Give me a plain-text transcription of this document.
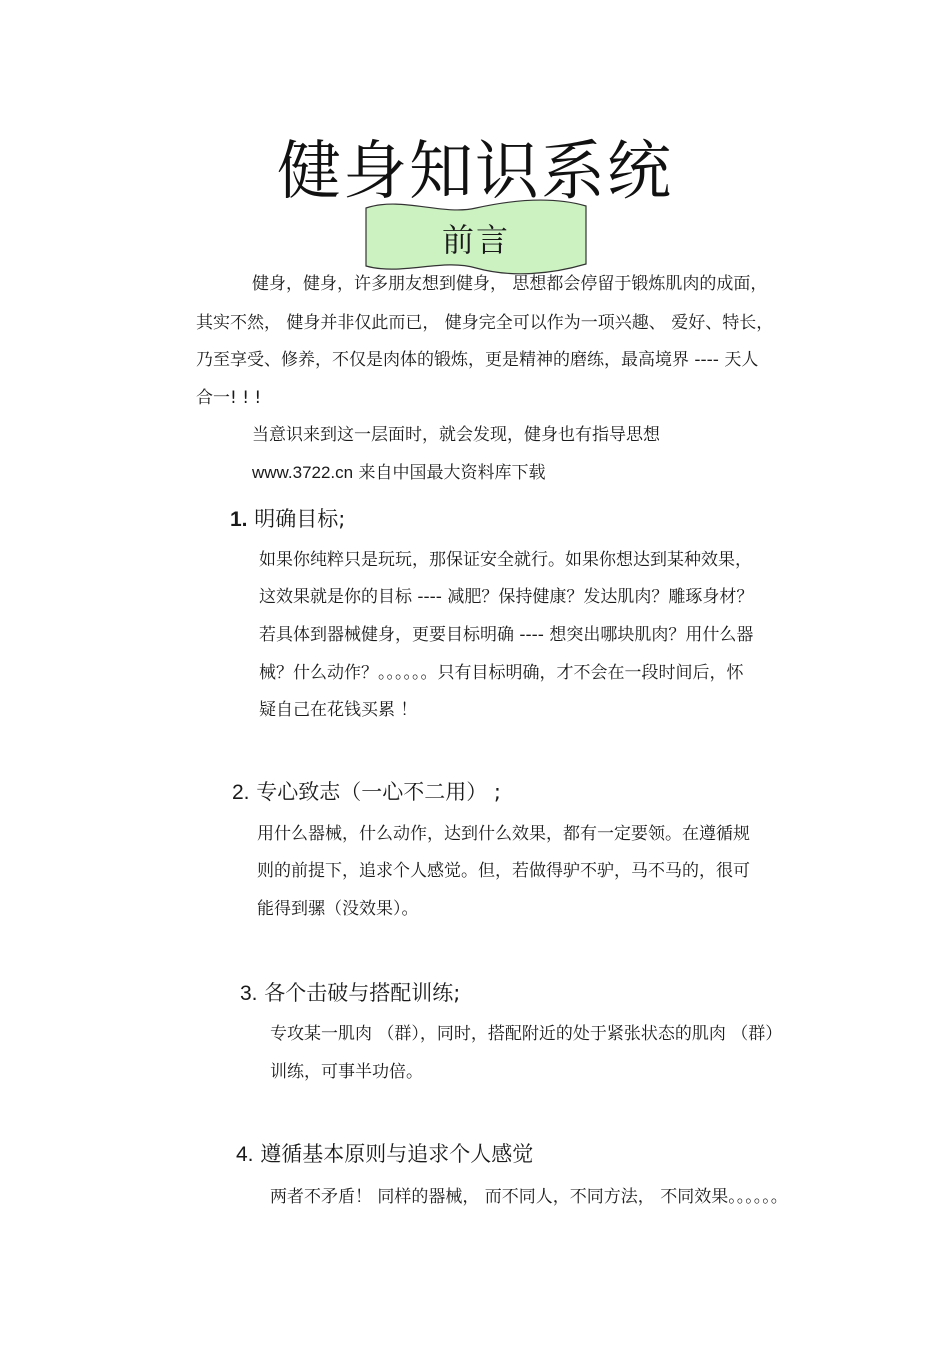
健身知识系统
前言
健身，健身，许多朋友想到健身， 思想都会停留于锻炼肌肉的成面，
其实不然， 健身并非仅此而已， 健身完全可以作为一项兴趣、 爱好、特长，
乃至享受、修养，不仅是肉体的锻炼，更是精神的磨练，最高境界 ---- 天人
合一! ! !
当意识来到这一层面时，就会发现，健身也有指导思想
www.3722.cn 来自中国最大资料库下载
1. 明确目标;
如果你纯粹只是玩玩，那保证安全就行。如果你想达到某种效果，
这效果就是你的目标 ---- 减肥？保持健康？发达肌肉？雕琢身材？
若具体到器械健身，更要目标明确 ---- 想突出哪块肌肉？用什么器
械？什么动作？。。。。。。只有目标明确，才不会在一段时间后，怀
疑自己在花钱买累 ！
2. 专心致志（一心不二用） ;
用什么器械，什么动作，达到什么效果，都有一定要领。在遵循规
则的前提下，追求个人感觉。但，若做得驴不驴，马不马的，很可
能得到骡（没效果）。
3. 各个击破与搭配训练;
专攻某一肌肉 （群），同时，搭配附近的处于紧张状态的肌肉 （群）
训练，可事半功倍。
4. 遵循基本原则与追求个人感觉
两者不矛盾！ 同样的器械， 而不同人，不同方法， 不同效果。。。。。。
